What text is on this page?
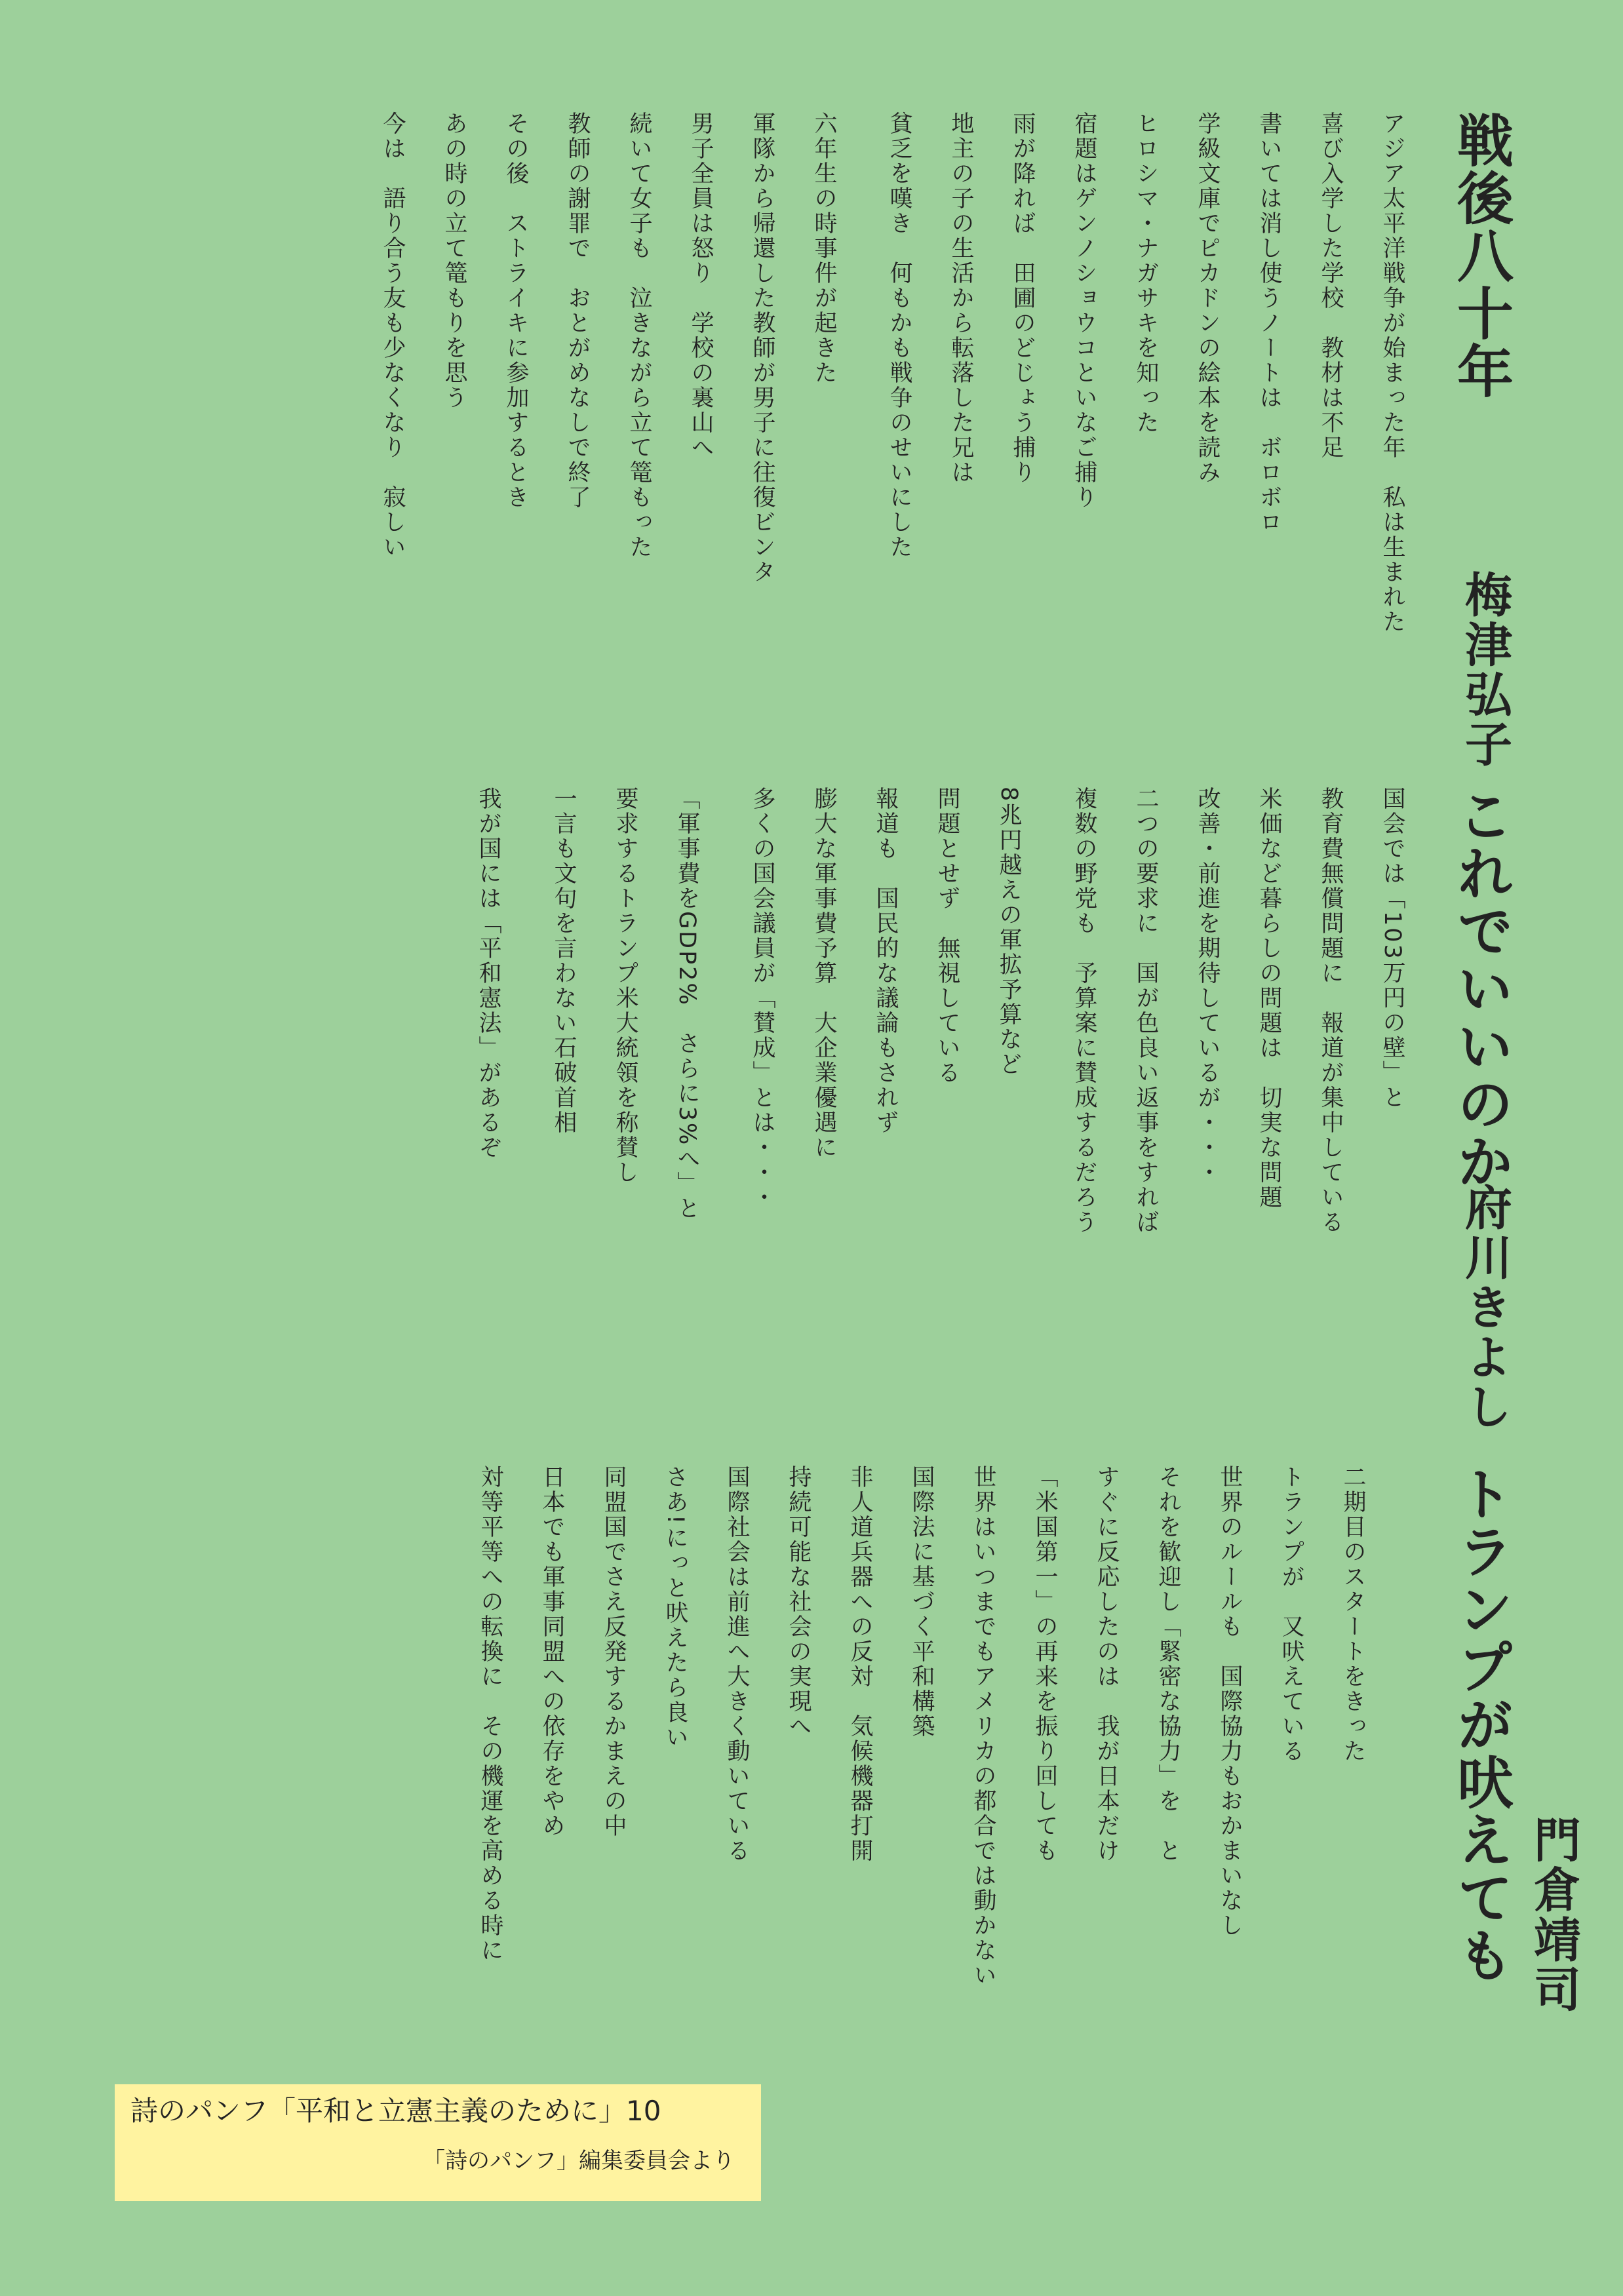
戦後八十年
梅津弘子
アジア太平洋戦争が始まった年　私は生まれた
喜び入学した学校　教材は不足
書いては消し使うノートは　ボロボロ
学級文庫でピカドンの絵本を読み
ヒロシマ・ナガサキを知った
宿題はゲンノショウコといなご捕り
雨が降れば　田圃のどじょう捕り
地主の子の生活から転落した兄は
貧乏を嘆き　何もかも戦争のせいにした
六年生の時事件が起きた
軍隊から帰還した教師が男子に往復ビンタ
男子全員は怒り　学校の裏山へ
続いて女子も　泣きながら立て篭もった
教師の謝罪で　おとがめなしで終了
その後　ストライキに参加するとき
あの時の立て篭もりを思う
今は　語り合う友も少なくなり　寂しい
これでいいのか
府川きよし
国会では「103万円の壁」と
教育費無償問題に　報道が集中している
米価など暮らしの問題は　切実な問題
改善・前進を期待しているが・・・
二つの要求に　国が色良い返事をすれば
複数の野党も　予算案に賛成するだろう
8兆円越えの軍拡予算など
問題とせず　無視している
報道も　国民的な議論もされず
膨大な軍事費予算　大企業優遇に
多くの国会議員が「賛成」とは・・・
「軍事費をGDP2%　さらに3%へ」と
要求するトランプ米大統領を称賛し
一言も文句を言わない石破首相
我が国には「平和憲法」があるぞ
トランプが吠えても 門倉靖司
二期目のスタートをきった
トランプが　又吠えている
世界のルールも　国際協力もおかまいなし
それを歓迎し「緊密な協力」を　と
すぐに反応したのは　我が日本だけ
「米国第一」の再来を振り回しても
世界はいつまでもアメリカの都合では動かない
国際法に基づく平和構築
非人道兵器への反対　気候機器打開
持続可能な社会の実現へ
国際社会は前進へ大きく動いている
さあ!にっと吠えたら良い
同盟国でさえ反発するかまえの中
日本でも軍事同盟への依存をやめ
対等平等への転換に　その機運を高める時に
詩のパンフ「平和と立憲主義のために」10
「詩のパンフ」編集委員会より
